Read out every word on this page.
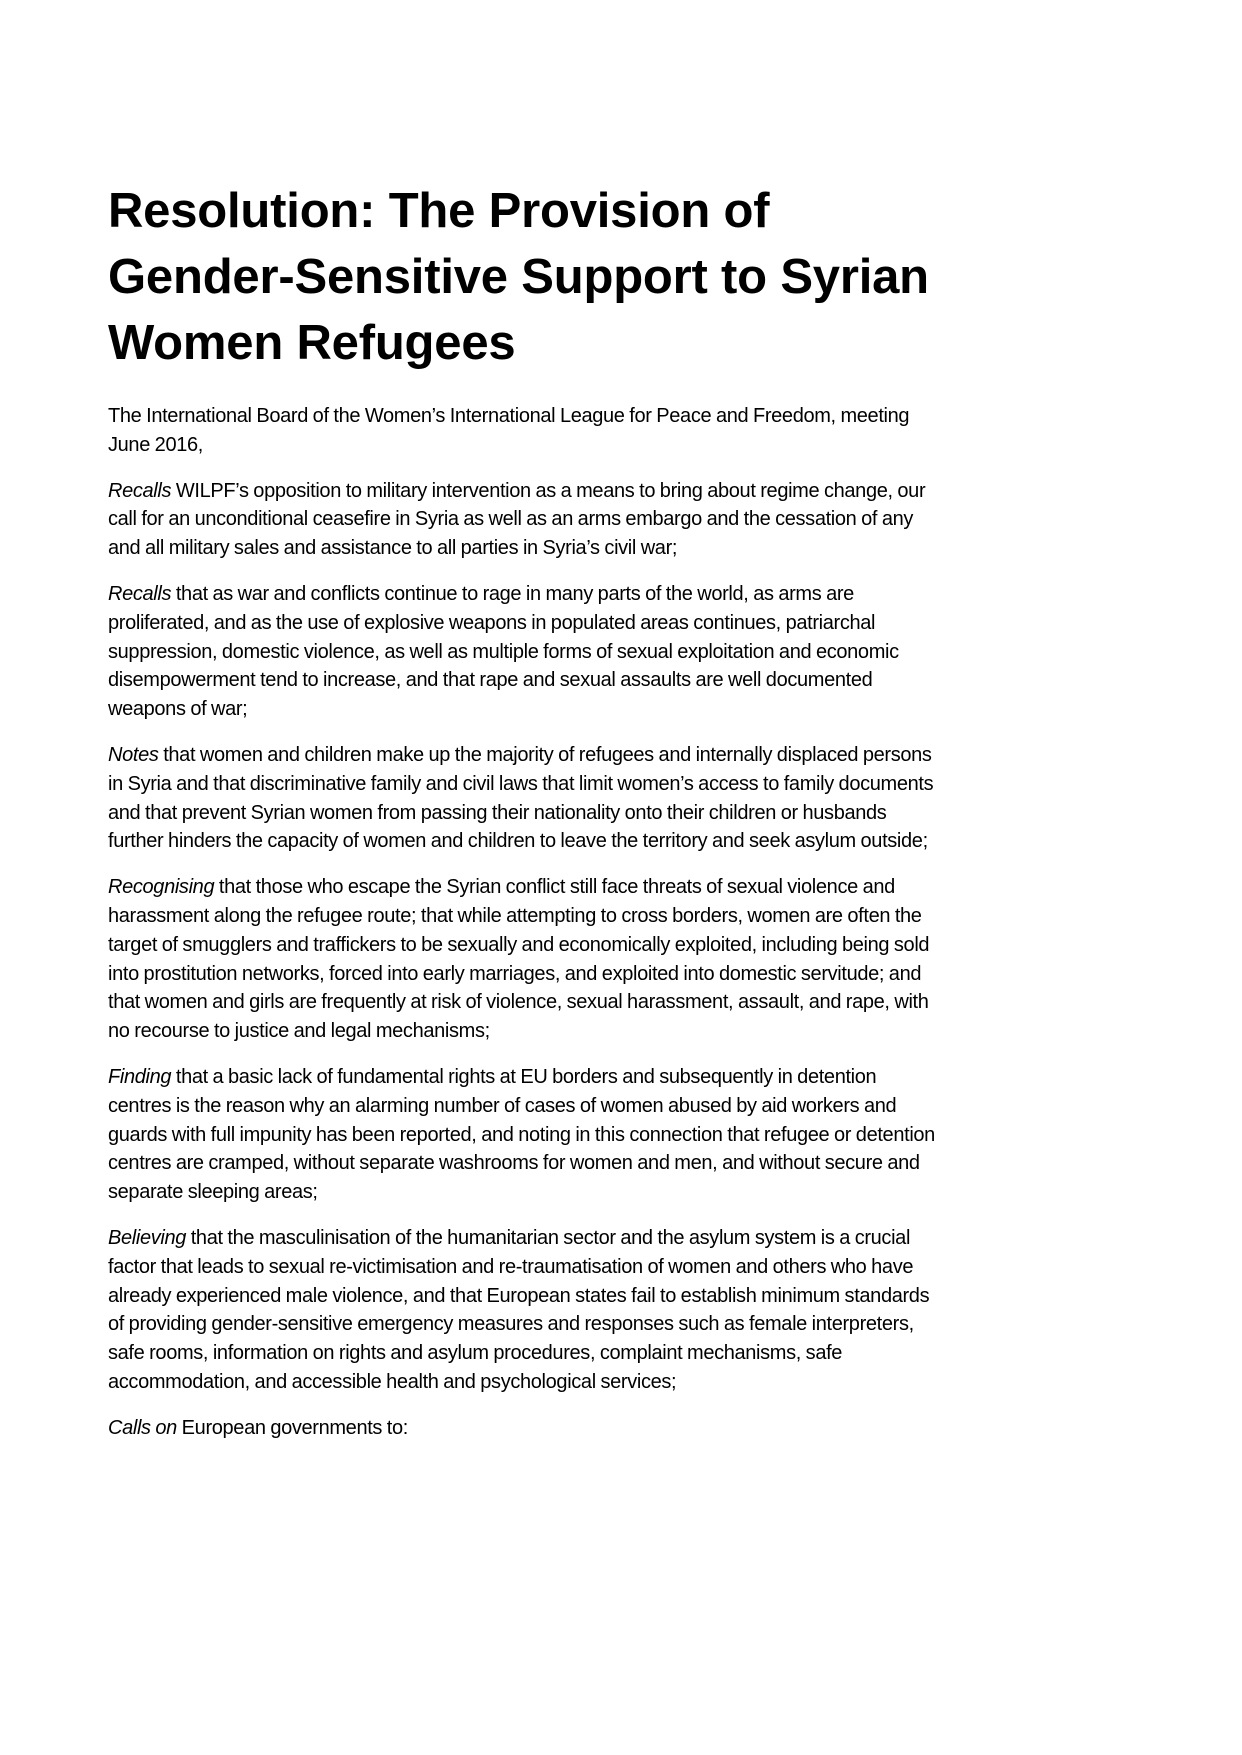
Resolution: The Provision of
Gender-Sensitive Support to Syrian
Women Refugees

The International Board of the Women’s International League for Peace and Freedom, meeting
June 2016,

Recalls WILPF’s opposition to military intervention as a means to bring about regime change, our
call for an unconditional ceasefire in Syria as well as an arms embargo and the cessation of any
and all military sales and assistance to all parties in Syria’s civil war;

Recalls that as war and conflicts continue to rage in many parts of the world, as arms are
proliferated, and as the use of explosive weapons in populated areas continues, patriarchal
suppression, domestic violence, as well as multiple forms of sexual exploitation and economic
disempowerment tend to increase, and that rape and sexual assaults are well documented
weapons of war;

Notes that women and children make up the majority of refugees and internally displaced persons
in Syria and that discriminative family and civil laws that limit women’s access to family documents
and that prevent Syrian women from passing their nationality onto their children or husbands
further hinders the capacity of women and children to leave the territory and seek asylum outside;

Recognising that those who escape the Syrian conflict still face threats of sexual violence and
harassment along the refugee route; that while attempting to cross borders, women are often the
target of smugglers and traffickers to be sexually and economically exploited, including being sold
into prostitution networks, forced into early marriages, and exploited into domestic servitude; and
that women and girls are frequently at risk of violence, sexual harassment, assault, and rape, with
no recourse to justice and legal mechanisms;

Finding that a basic lack of fundamental rights at EU borders and subsequently in detention
centres is the reason why an alarming number of cases of women abused by aid workers and
guards with full impunity has been reported, and noting in this connection that refugee or detention
centres are cramped, without separate washrooms for women and men, and without secure and
separate sleeping areas;

Believing that the masculinisation of the humanitarian sector and the asylum system is a crucial
factor that leads to sexual re-victimisation and re-traumatisation of women and others who have
already experienced male violence, and that European states fail to establish minimum standards
of providing gender-sensitive emergency measures and responses such as female interpreters,
safe rooms, information on rights and asylum procedures, complaint mechanisms, safe
accommodation, and accessible health and psychological services;

Calls on European governments to:
